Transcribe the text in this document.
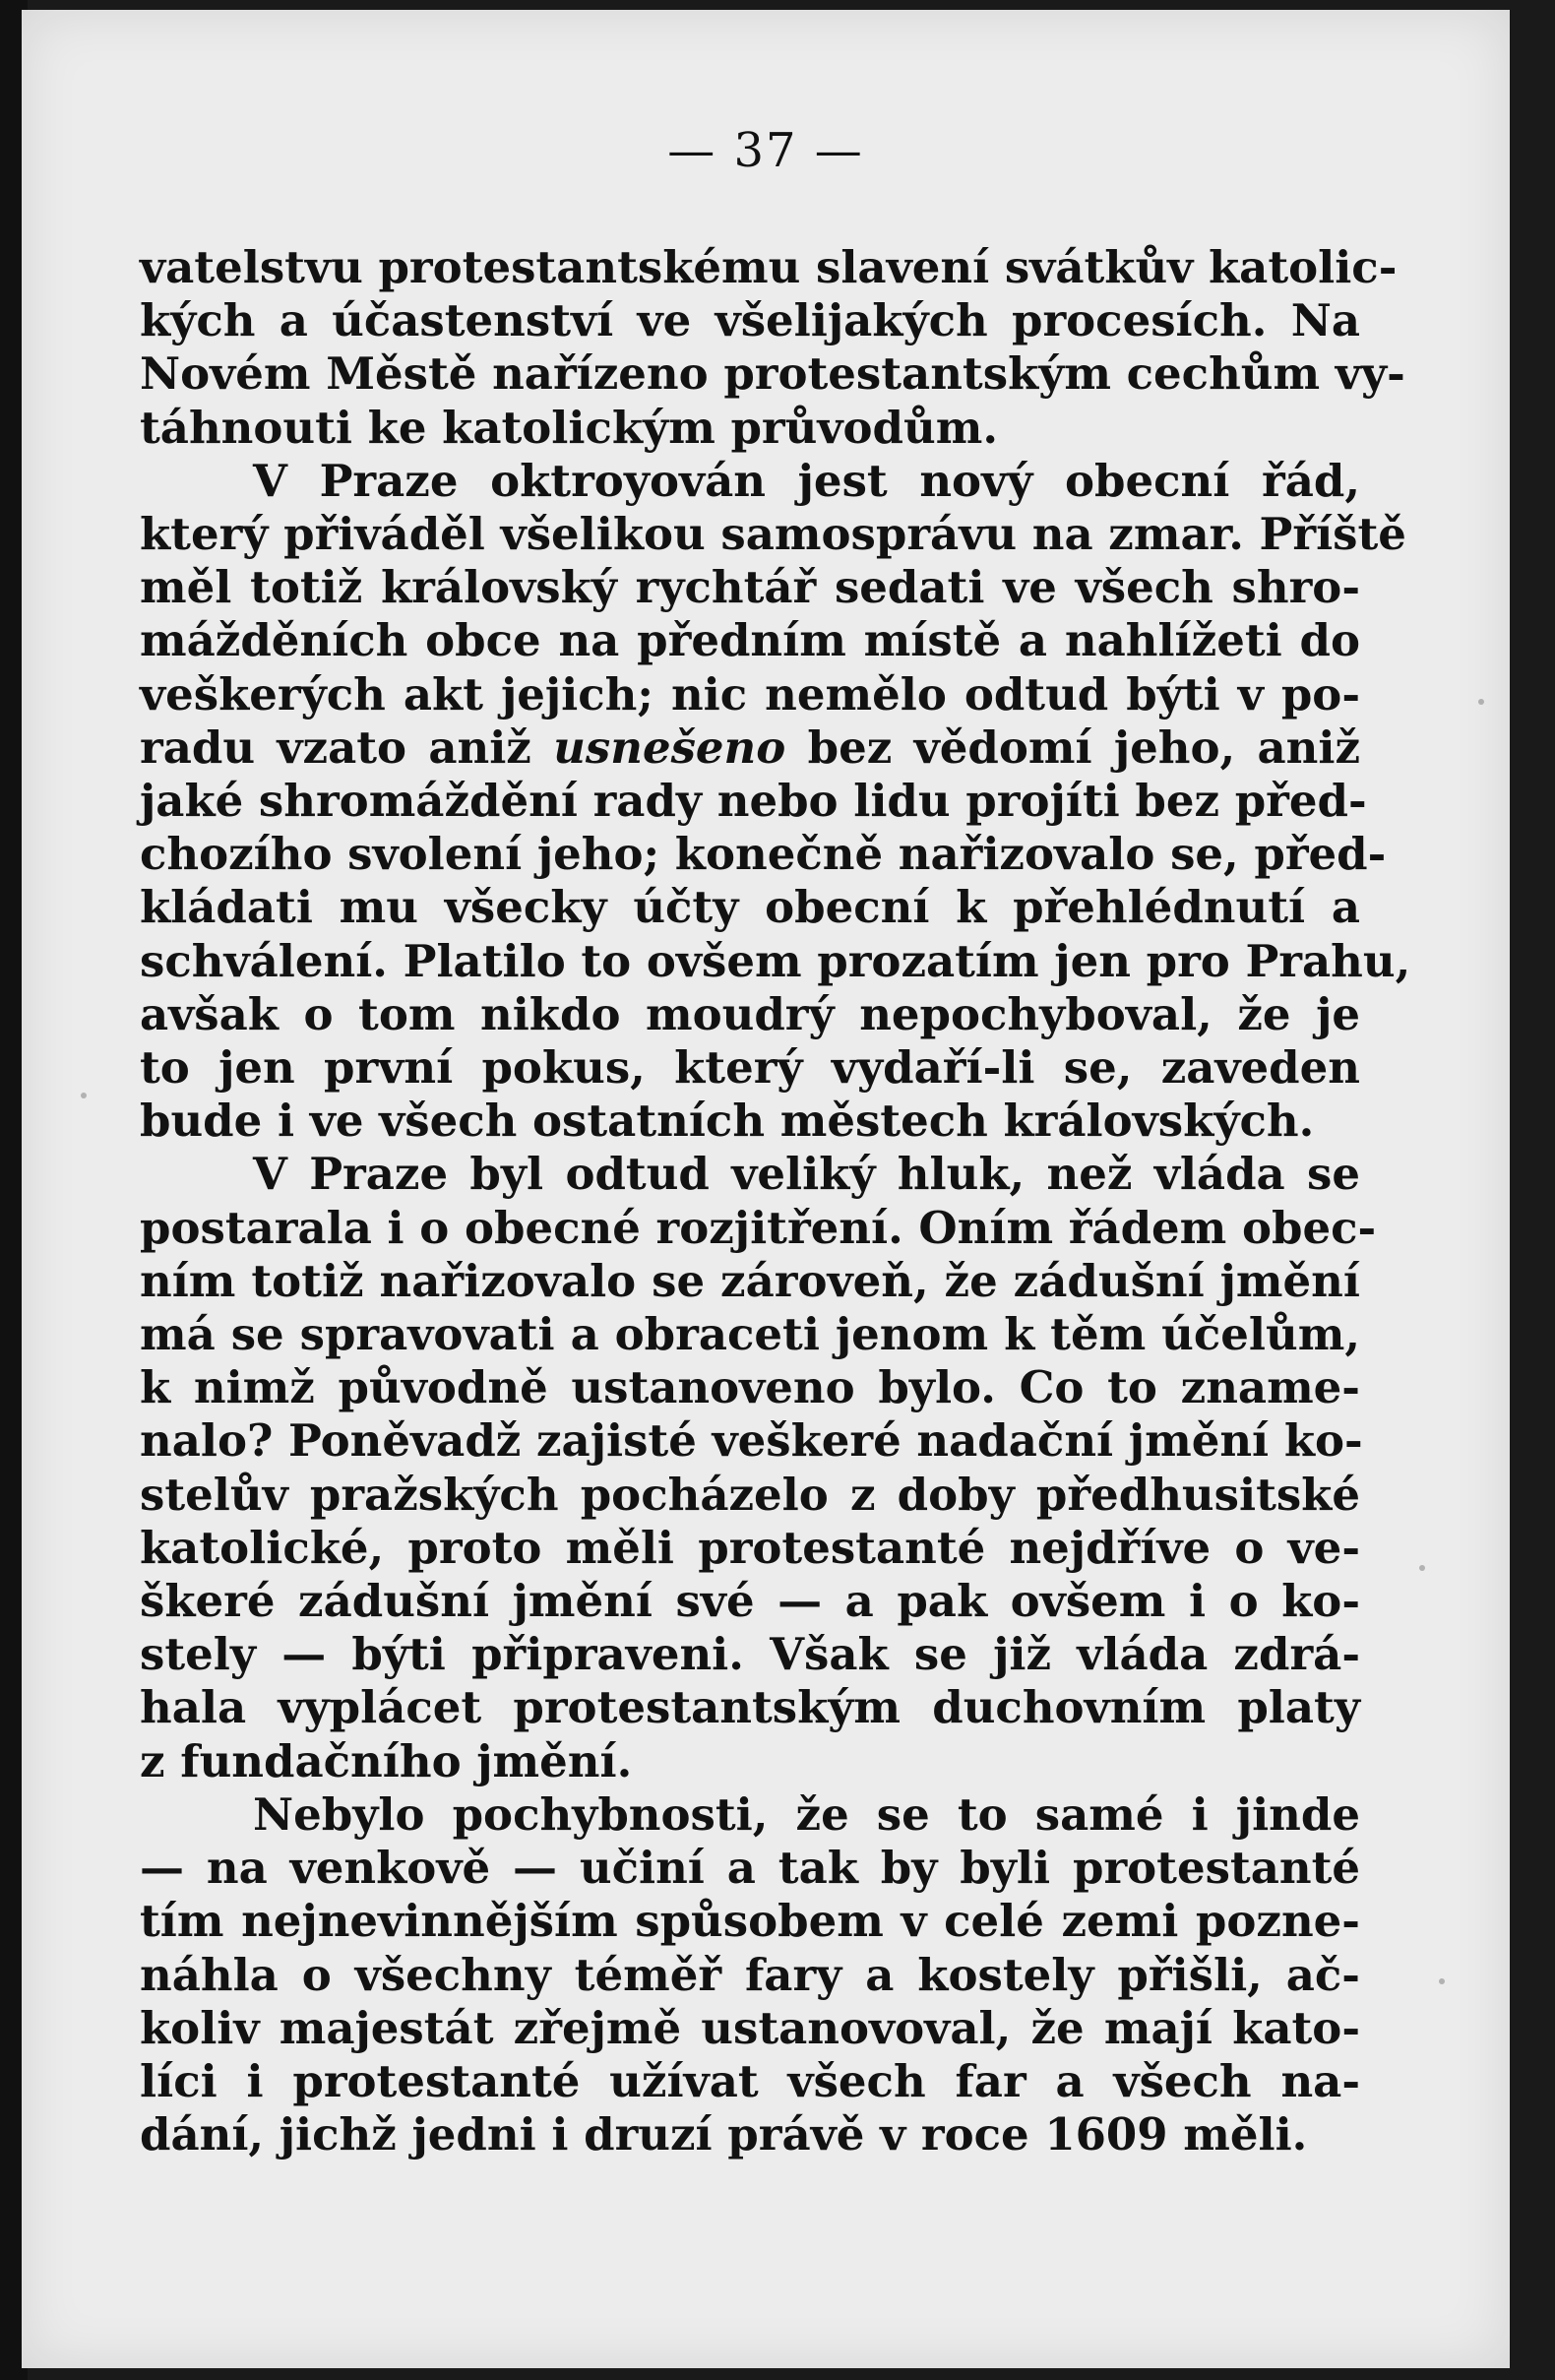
— 37 —
vatelstvu protestantskému slavení svátkův katolic-
kých a účastenství ve všelijakých procesích. Na
Novém Městě nařízeno protestantským cechům vy-
táhnouti ke katolickým průvodům.
V Praze oktroyován jest nový obecní řád,
který přiváděl všelikou samosprávu na zmar. Příště
měl totiž královský rychtář sedati ve všech shro-
mážděních obce na předním místě a nahlížeti do
veškerých akt jejich; nic nemělo odtud býti v po-
radu vzato aniž usnešeno bez vědomí jeho, aniž
jaké shromáždění rady nebo lidu projíti bez před-
chozího svolení jeho; konečně nařizovalo se, před-
kládati mu všecky účty obecní k přehlédnutí a
schválení. Platilo to ovšem prozatím jen pro Prahu,
avšak o tom nikdo moudrý nepochyboval, že je
to jen první pokus, který vydaří-li se, zaveden
bude i ve všech ostatních městech královských.
V Praze byl odtud veliký hluk, než vláda se
postarala i o obecné rozjitření. Oním řádem obec-
ním totiž nařizovalo se zároveň, že zádušní jmění
má se spravovati a obraceti jenom k těm účelům,
k nimž původně ustanoveno bylo. Co to zname-
nalo? Poněvadž zajisté veškeré nadační jmění ko-
stelův pražských pocházelo z doby předhusitské
katolické, proto měli protestanté nejdříve o ve-
škeré zádušní jmění své — a pak ovšem i o ko-
stely — býti připraveni. Však se již vláda zdrá-
hala vyplácet protestantským duchovním platy
z fundačního jmění.
Nebylo pochybnosti, že se to samé i jinde
— na venkově — učiní a tak by byli protestanté
tím nejnevinnějším spůsobem v celé zemi pozne-
náhla o všechny téměř fary a kostely přišli, ač-
koliv majestát zřejmě ustanovoval, že mají kato-
líci i protestanté užívat všech far a všech na-
dání, jichž jedni i druzí právě v roce 1609 měli.
